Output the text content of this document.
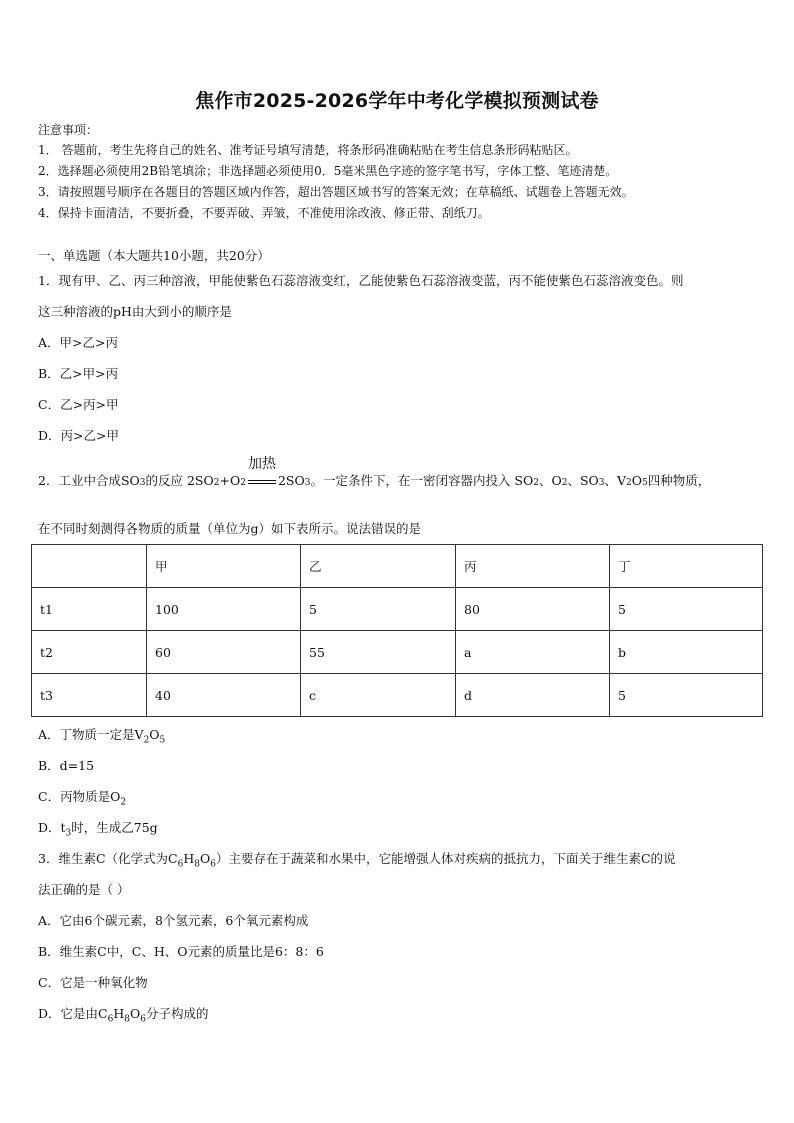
焦作市2025-2026学年中考化学模拟预测试卷
注意事项：
1． 答题前，考生先将自己的姓名、准考证号填写清楚，将条形码准确粘贴在考生信息条形码粘贴区。
2．选择题必须使用2B铅笔填涂；非选择题必须使用0．5毫米黑色字迹的签字笔书写，字体工整、笔迹清楚。
3．请按照题号顺序在各题目的答题区域内作答，超出答题区域书写的答案无效；在草稿纸、试题卷上答题无效。
4．保持卡面清洁，不要折叠，不要弄破、弄皱，不准使用涂改液、修正带、刮纸刀。
一、单选题（本大题共10小题，共20分）
1．现有甲、乙、丙三种溶液，甲能使紫色石蕊溶液变红，乙能使紫色石蕊溶液变蓝，丙不能使紫色石蕊溶液变色。则
这三种溶液的pH由大到小的顺序是
A．甲>乙>丙
B．乙>甲>丙
C．乙>丙>甲
D．丙>乙>甲
2．工业中合成$SO_3$ 的反应 $2SO_2 +O_2$
加热
$2SO_3$ 。一定条件下，在一密闭容器内投入 $SO_2$ 、$O_2$ 、$SO_3$ 、$V_2$ $O_5$ 四种物质，
在不同时刻测得各物质的质量（单位为g）如下表所示。说法错误的是
	甲	乙	丙	丁
t1	100	5	80	5
t2	60	55	a	b
t3	40	c	d	5
A．丁物质一定是$V_2O_5$
B．d=15
C．丙物质是$O_2$
D．$t_3$时，生成乙75g
3．维生素C（化学式为$C_6H_8O_6$）主要存在于蔬菜和水果中，它能增强人体对疾病的抵抗力，下面关于维生素C的说
法正确的是（ ）
A．它由6个碳元素，8个氢元素，6个氧元素构成
B．维生素C中，C、H、O元素的质量比是6：8：6
C．它是一种氧化物
D．它是由$C_6H_8O_6$分子构成的
